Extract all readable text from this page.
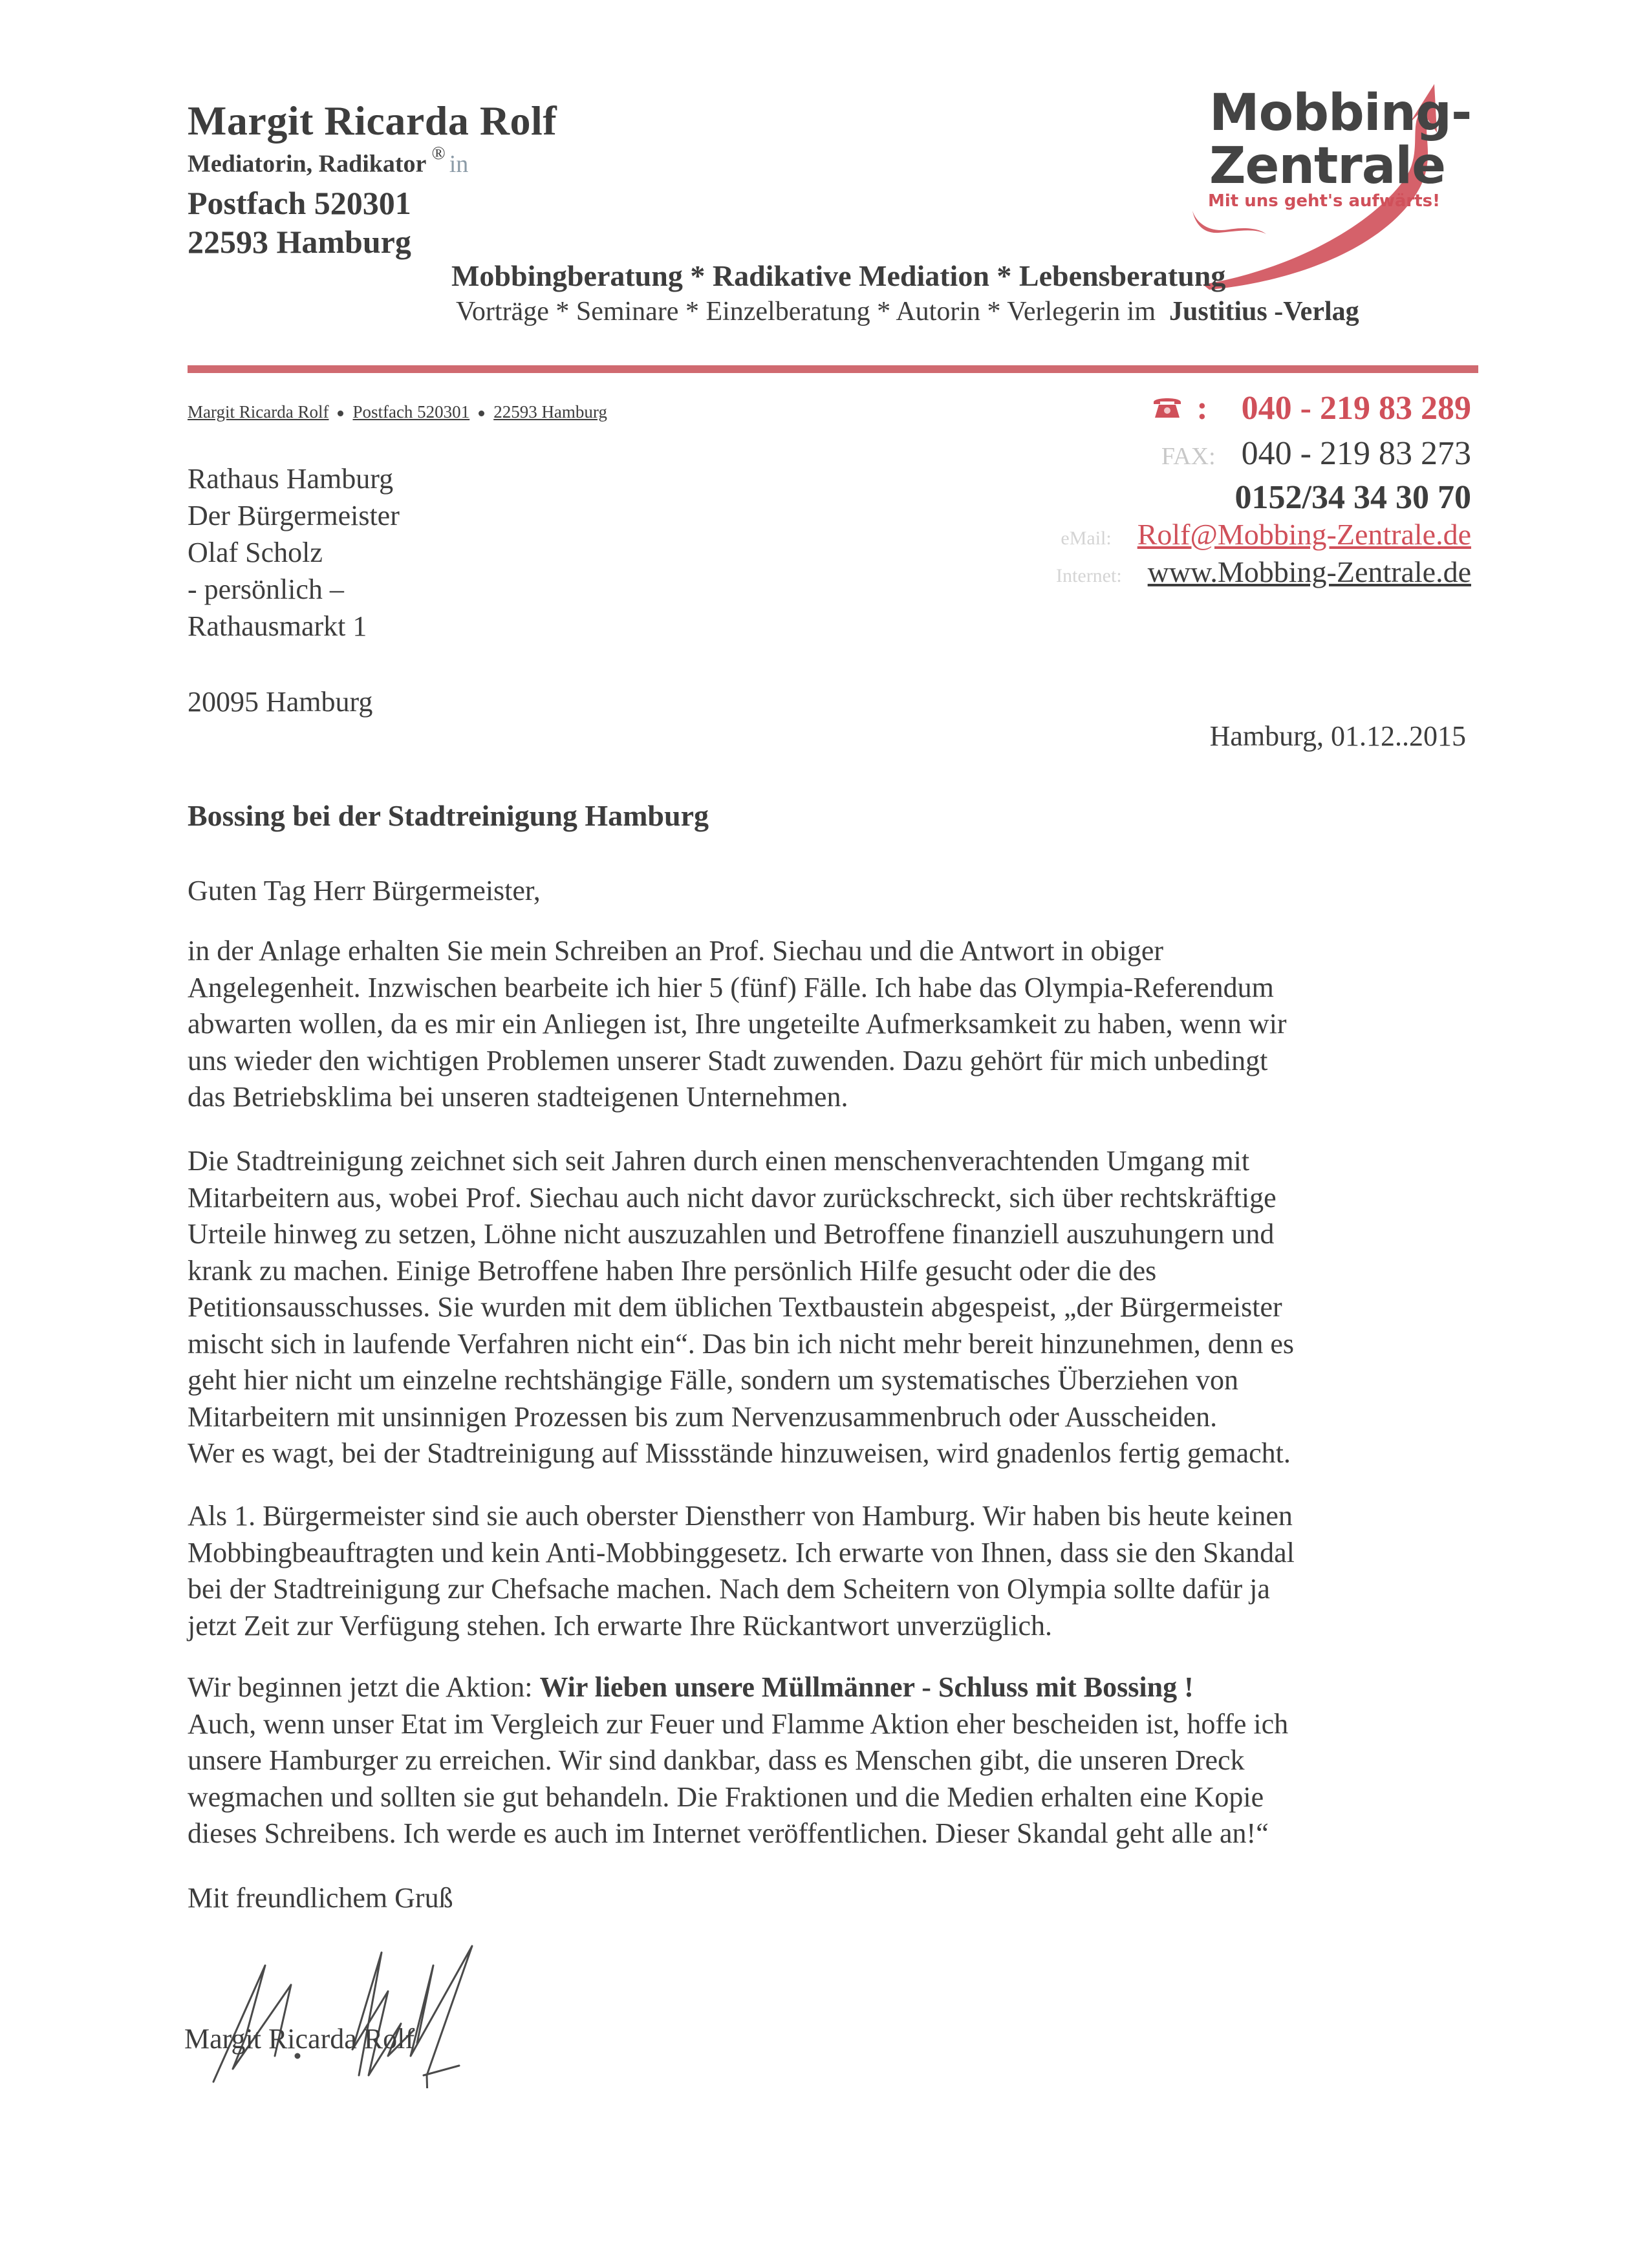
Margit Ricarda Rolf
Mediatorin, Radikator ® in
Postfach 520301
22593 Hamburg
Mobbing-
Zentrale
Mit uns geht's aufwärts!
Mobbingberatung * Radikative Mediation * Lebensberatung
Vorträge * Seminare * Einzelberatung * Autorin * Verlegerin im Justitius -Verlag
Margit Ricarda Rolf Postfach 520301 22593 Hamburg	: 040 - 219 83 289
FAX: 040 - 219 83 273
0152/34 34 30 70
eMail: Rolf@Mobbing-Zentrale.de
Internet: www.Mobbing-Zentrale.de
Rathaus Hamburg
Der Bürgermeister
Olaf Scholz
- persönlich –
Rathausmarkt 1
20095 Hamburg
Hamburg, 01.12..2015
Bossing bei der Stadtreinigung Hamburg
Guten Tag Herr Bürgermeister,
in der Anlage erhalten Sie mein Schreiben an Prof. Siechau und die Antwort in obiger
Angelegenheit. Inzwischen bearbeite ich hier 5 (fünf) Fälle. Ich habe das Olympia-Referendum
abwarten wollen, da es mir ein Anliegen ist, Ihre ungeteilte Aufmerksamkeit zu haben, wenn wir
uns wieder den wichtigen Problemen unserer Stadt zuwenden. Dazu gehört für mich unbedingt
das Betriebsklima bei unseren stadteigenen Unternehmen.
Die Stadtreinigung zeichnet sich seit Jahren durch einen menschenverachtenden Umgang mit
Mitarbeitern aus, wobei Prof. Siechau auch nicht davor zurückschreckt, sich über rechtskräftige
Urteile hinweg zu setzen, Löhne nicht auszuzahlen und Betroffene finanziell auszuhungern und
krank zu machen. Einige Betroffene haben Ihre persönlich Hilfe gesucht oder die des
Petitionsausschusses. Sie wurden mit dem üblichen Textbaustein abgespeist, „der Bürgermeister
mischt sich in laufende Verfahren nicht ein“. Das bin ich nicht mehr bereit hinzunehmen, denn es
geht hier nicht um einzelne rechtshängige Fälle, sondern um systematisches Überziehen von
Mitarbeitern mit unsinnigen Prozessen bis zum Nervenzusammenbruch oder Ausscheiden.
Wer es wagt, bei der Stadtreinigung auf Missstände hinzuweisen, wird gnadenlos fertig gemacht.
Als 1. Bürgermeister sind sie auch oberster Dienstherr von Hamburg. Wir haben bis heute keinen
Mobbingbeauftragten und kein Anti-Mobbinggesetz. Ich erwarte von Ihnen, dass sie den Skandal
bei der Stadtreinigung zur Chefsache machen. Nach dem Scheitern von Olympia sollte dafür ja
jetzt Zeit zur Verfügung stehen. Ich erwarte Ihre Rückantwort unverzüglich.
Wir beginnen jetzt die Aktion: Wir lieben unsere Müllmänner - Schluss mit Bossing !
Auch, wenn unser Etat im Vergleich zur Feuer und Flamme Aktion eher bescheiden ist, hoffe ich
unsere Hamburger zu erreichen. Wir sind dankbar, dass es Menschen gibt, die unseren Dreck
wegmachen und sollten sie gut behandeln. Die Fraktionen und die Medien erhalten eine Kopie
dieses Schreibens. Ich werde es auch im Internet veröffentlichen. Dieser Skandal geht alle an!“
Mit freundlichem Gruß
Margit Ricarda Rolf
